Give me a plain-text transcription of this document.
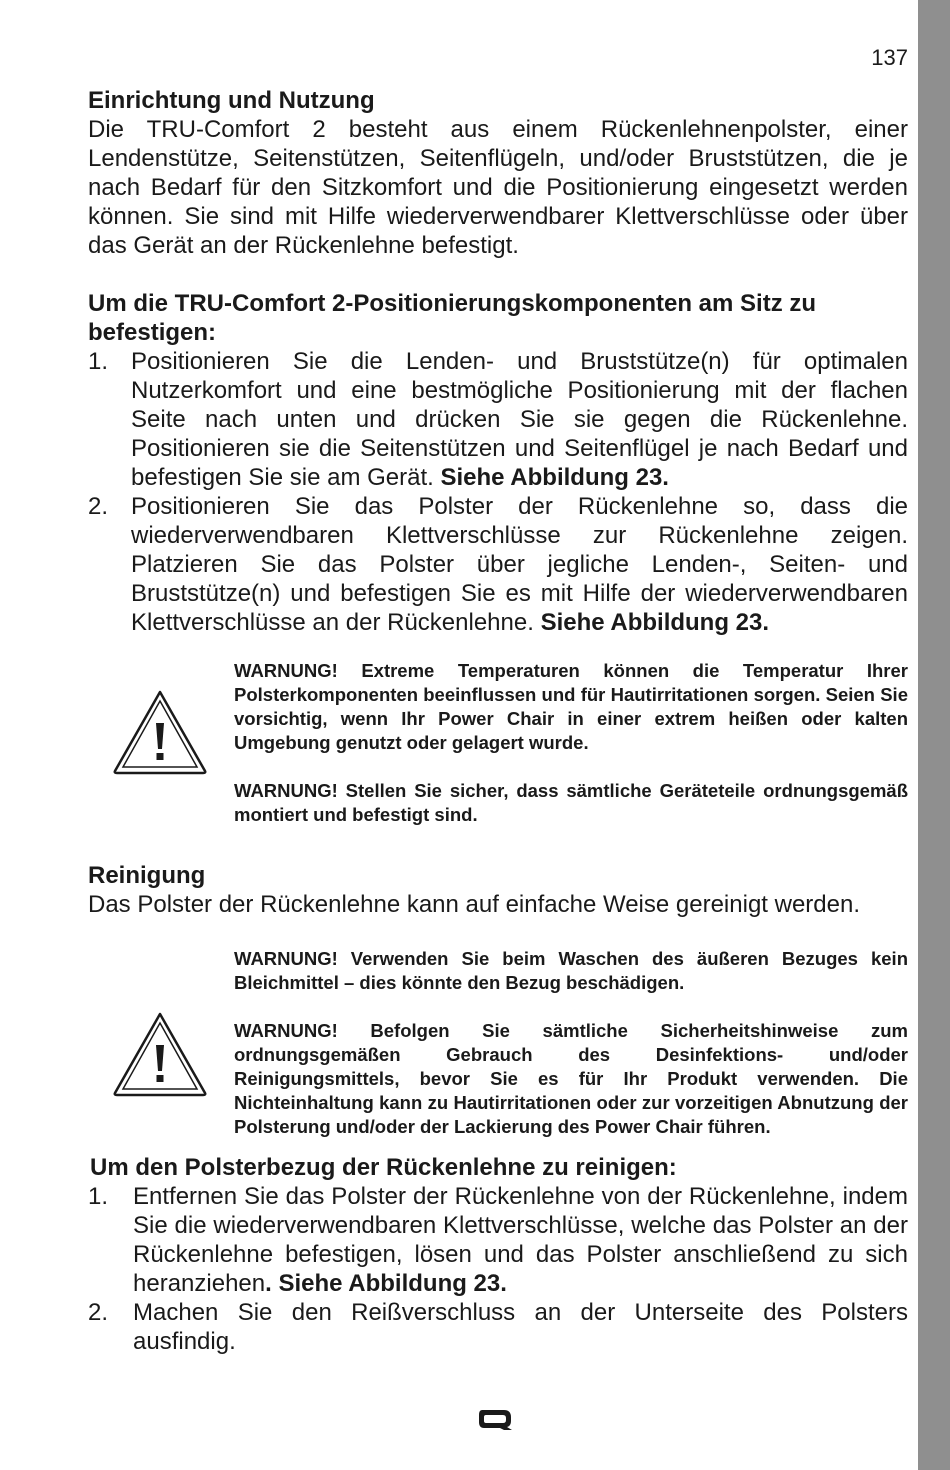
137
Einrichtung und Nutzung
Die TRU-Comfort 2 besteht aus einem Rückenlehnenpolster, einer Lendenstütze, Seitenstützen, Seitenflügeln, und/oder Bruststützen, die je nach Bedarf für den Sitzkomfort und die Positionierung eingesetzt werden können. Sie sind mit Hilfe wiederverwendbarer Klettverschlüsse oder über das Gerät an der Rückenlehne befestigt.
Um die TRU-Comfort 2-Positionierungskomponenten am Sitz zu befestigen:
1. Positionieren Sie die Lenden- und Bruststütze(n) für optimalen Nutzerkomfort und eine bestmögliche Positionierung mit der flachen Seite nach unten und drücken Sie sie gegen die Rückenlehne. Positionieren sie die Seitenstützen und Seitenflügel je nach Bedarf und befestigen Sie sie am Gerät. Siehe Abbildung 23.
2. Positionieren Sie das Polster der Rückenlehne so, dass die wiederverwendbaren Klettverschlüsse zur Rückenlehne zeigen. Platzieren Sie das Polster über jegliche Lenden-, Seiten- und Bruststütze(n) und befestigen Sie es mit Hilfe der wiederverwendbaren Klettverschlüsse an der Rückenlehne. Siehe Abbildung 23.
WARNUNG! Extreme Temperaturen können die Temperatur Ihrer Polsterkomponenten beeinflussen und für Hautirritationen sorgen. Seien Sie vorsichtig, wenn Ihr Power Chair in einer extrem heißen oder kalten Umgebung genutzt oder gelagert wurde.
WARNUNG! Stellen Sie sicher, dass sämtliche Geräteteile ordnungsgemäß montiert und befestigt sind.
Reinigung
Das Polster der Rückenlehne kann auf einfache Weise gereinigt werden.
WARNUNG! Verwenden Sie beim Waschen des äußeren Bezuges kein Bleichmittel – dies könnte den Bezug beschädigen.
WARNUNG! Befolgen Sie sämtliche Sicherheitshinweise zum ordnungsgemäßen Gebrauch des Desinfektions- und/oder Reinigungsmittels, bevor Sie es für Ihr Produkt verwenden. Die Nichteinhaltung kann zu Hautirritationen oder zur vorzeitigen Abnutzung der Polsterung und/oder der Lackierung des Power Chair führen.
Um den Polsterbezug der Rückenlehne zu reinigen:
1. Entfernen Sie das Polster der Rückenlehne von der Rückenlehne, indem Sie die wiederverwendbaren Klettverschlüsse, welche das Polster an der Rückenlehne befestigen, lösen und das Polster anschließend zu sich heranziehen. Siehe Abbildung 23.
2. Machen Sie den Reißverschluss an der Unterseite des Polsters ausfindig.
